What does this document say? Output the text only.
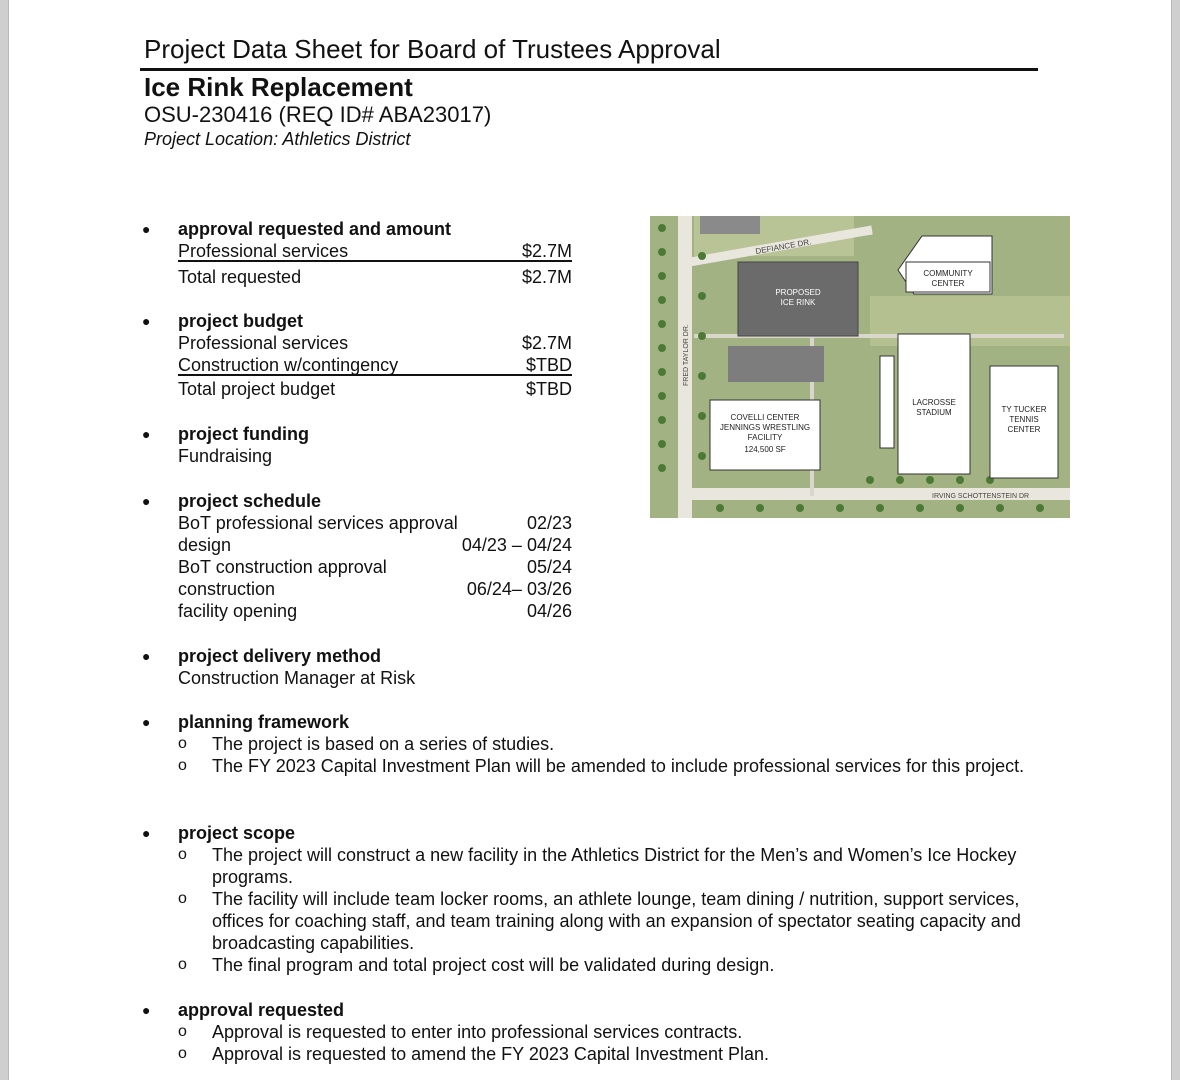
Project Data Sheet for Board of Trustees Approval
Ice Rink Replacement
OSU-230416 (REQ ID# ABA23017)
Project Location: Athletics District
● approval requested and amount
Professional services	$2.7M
Total requested	$2.7M
● project budget
Professional services	$2.7M
Construction w/contingency	$TBD
Total project budget	$TBD
● project funding
Fundraising
● project schedule
BoT professional services approval	02/23
design	04/23 – 04/24
BoT construction approval	05/24
construction	06/24– 03/26
facility opening	04/26
● project delivery method
Construction Manager at Risk
● planning framework
o The project is based on a series of studies.
o The FY 2023 Capital Investment Plan will be amended to include professional services for this project.
● project scope
o The project will construct a new facility in the Athletics District for the Men’s and Women’s Ice Hockey programs.
o The facility will include team locker rooms, an athlete lounge, team dining / nutrition, support services, offices for coaching staff, and team training along with an expansion of spectator seating capacity and broadcasting capabilities.
o The final program and total project cost will be validated during design.
● approval requested
o Approval is requested to enter into professional services contracts.
o Approval is requested to amend the FY 2023 Capital Investment Plan.
PROPOSED
ICE RINK
COVELLI CENTER
JENNINGS WRESTLING
FACILITY
124,500 SF
COMMUNITY
CENTER
LACROSSE
STADIUM	TY TUCKER
TENNIS
CENTER
DEFIANCE DR.
FRED TAYLOR DR.
IRVING SCHOTTENSTEIN DR
